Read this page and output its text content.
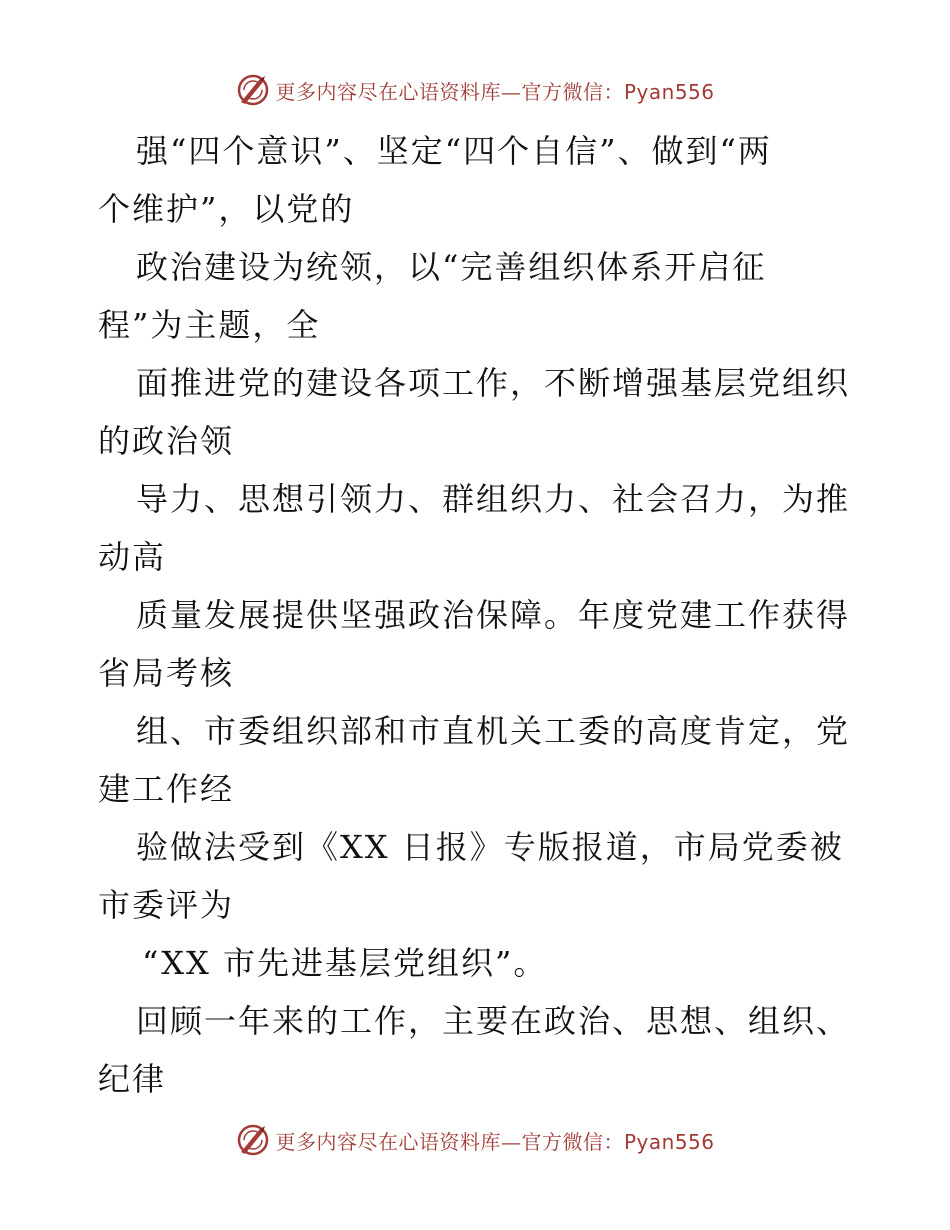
更多内容尽在心语资料库—官方微信：Pyan556
强“四个意识”、坚定“四个自信”、做到“两
个维护”，以党的
政治建设为统领，以“完善组织体系开启征
程”为主题，全
面推进党的建设各项工作，不断增强基层党组织
的政治领
导力、思想引领力、群组织力、社会召力，为推
动高
质量发展提供坚强政治保障。年度党建工作获得
省局考核
组、市委组织部和市直机关工委的高度肯定，党
建工作经
验做法受到《XX 日报》专版报道，市局党委被
市委评为
“XX 市先进基层党组织”。
回顾一年来的工作，主要在政治、思想、组织、
纪律
更多内容尽在心语资料库—官方微信：Pyan556
